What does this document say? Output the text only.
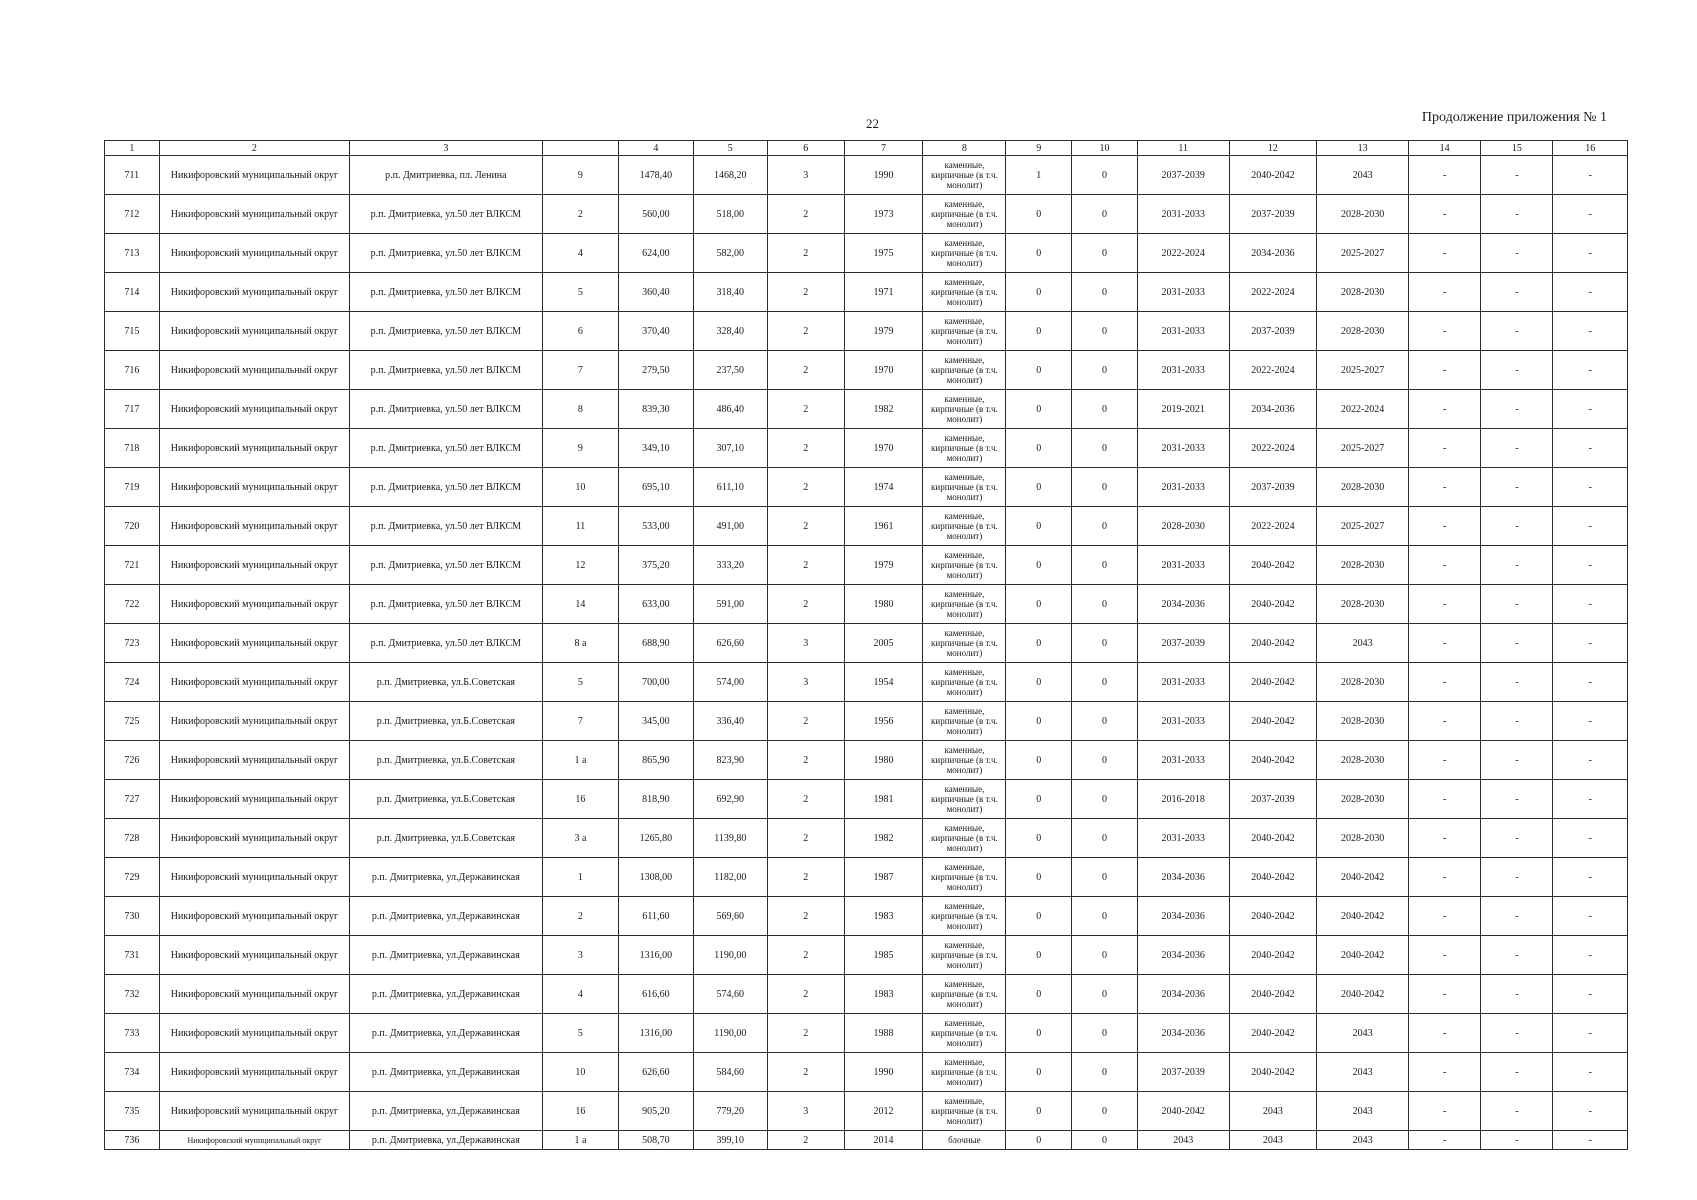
22	Продолжение приложения № 1
1	2	3		4	5	6	7	8	9	10	11	12	13	14	15	16
711	Никифоровский муниципальный округ	р.п. Дмитриевка, пл. Ленина	9	1478,40	1468,20	3	1990	каменные, кирпичные (в т.ч. монолит)	1	0	2037-2039	2040-2042	2043	-	-	-
712	Никифоровский муниципальный округ	р.п. Дмитриевка, ул.50 лет ВЛКСМ	2	560,00	518,00	2	1973	каменные, кирпичные (в т.ч. монолит)	0	0	2031-2033	2037-2039	2028-2030	-	-	-
713	Никифоровский муниципальный округ	р.п. Дмитриевка, ул.50 лет ВЛКСМ	4	624,00	582,00	2	1975	каменные, кирпичные (в т.ч. монолит)	0	0	2022-2024	2034-2036	2025-2027	-	-	-
714	Никифоровский муниципальный округ	р.п. Дмитриевка, ул.50 лет ВЛКСМ	5	360,40	318,40	2	1971	каменные, кирпичные (в т.ч. монолит)	0	0	2031-2033	2022-2024	2028-2030	-	-	-
715	Никифоровский муниципальный округ	р.п. Дмитриевка, ул.50 лет ВЛКСМ	6	370,40	328,40	2	1979	каменные, кирпичные (в т.ч. монолит)	0	0	2031-2033	2037-2039	2028-2030	-	-	-
716	Никифоровский муниципальный округ	р.п. Дмитриевка, ул.50 лет ВЛКСМ	7	279,50	237,50	2	1970	каменные, кирпичные (в т.ч. монолит)	0	0	2031-2033	2022-2024	2025-2027	-	-	-
717	Никифоровский муниципальный округ	р.п. Дмитриевка, ул.50 лет ВЛКСМ	8	839,30	486,40	2	1982	каменные, кирпичные (в т.ч. монолит)	0	0	2019-2021	2034-2036	2022-2024	-	-	-
718	Никифоровский муниципальный округ	р.п. Дмитриевка, ул.50 лет ВЛКСМ	9	349,10	307,10	2	1970	каменные, кирпичные (в т.ч. монолит)	0	0	2031-2033	2022-2024	2025-2027	-	-	-
719	Никифоровский муниципальный округ	р.п. Дмитриевка, ул.50 лет ВЛКСМ	10	695,10	611,10	2	1974	каменные, кирпичные (в т.ч. монолит)	0	0	2031-2033	2037-2039	2028-2030	-	-	-
720	Никифоровский муниципальный округ	р.п. Дмитриевка, ул.50 лет ВЛКСМ	11	533,00	491,00	2	1961	каменные, кирпичные (в т.ч. монолит)	0	0	2028-2030	2022-2024	2025-2027	-	-	-
721	Никифоровский муниципальный округ	р.п. Дмитриевка, ул.50 лет ВЛКСМ	12	375,20	333,20	2	1979	каменные, кирпичные (в т.ч. монолит)	0	0	2031-2033	2040-2042	2028-2030	-	-	-
722	Никифоровский муниципальный округ	р.п. Дмитриевка, ул.50 лет ВЛКСМ	14	633,00	591,00	2	1980	каменные, кирпичные (в т.ч. монолит)	0	0	2034-2036	2040-2042	2028-2030	-	-	-
723	Никифоровский муниципальный округ	р.п. Дмитриевка, ул.50 лет ВЛКСМ	8 а	688,90	626,60	3	2005	каменные, кирпичные (в т.ч. монолит)	0	0	2037-2039	2040-2042	2043	-	-	-
724	Никифоровский муниципальный округ	р.п. Дмитриевка, ул.Б.Советская	5	700,00	574,00	3	1954	каменные, кирпичные (в т.ч. монолит)	0	0	2031-2033	2040-2042	2028-2030	-	-	-
725	Никифоровский муниципальный округ	р.п. Дмитриевка, ул.Б.Советская	7	345,00	336,40	2	1956	каменные, кирпичные (в т.ч. монолит)	0	0	2031-2033	2040-2042	2028-2030	-	-	-
726	Никифоровский муниципальный округ	р.п. Дмитриевка, ул.Б.Советская	1 а	865,90	823,90	2	1980	каменные, кирпичные (в т.ч. монолит)	0	0	2031-2033	2040-2042	2028-2030	-	-	-
727	Никифоровский муниципальный округ	р.п. Дмитриевка, ул.Б.Советская	16	818,90	692,90	2	1981	каменные, кирпичные (в т.ч. монолит)	0	0	2016-2018	2037-2039	2028-2030	-	-	-
728	Никифоровский муниципальный округ	р.п. Дмитриевка, ул.Б.Советская	3 а	1265,80	1139,80	2	1982	каменные, кирпичные (в т.ч. монолит)	0	0	2031-2033	2040-2042	2028-2030	-	-	-
729	Никифоровский муниципальный округ	р.п. Дмитриевка, ул.Державинская	1	1308,00	1182,00	2	1987	каменные, кирпичные (в т.ч. монолит)	0	0	2034-2036	2040-2042	2040-2042	-	-	-
730	Никифоровский муниципальный округ	р.п. Дмитриевка, ул.Державинская	2	611,60	569,60	2	1983	каменные, кирпичные (в т.ч. монолит)	0	0	2034-2036	2040-2042	2040-2042	-	-	-
731	Никифоровский муниципальный округ	р.п. Дмитриевка, ул.Державинская	3	1316,00	1190,00	2	1985	каменные, кирпичные (в т.ч. монолит)	0	0	2034-2036	2040-2042	2040-2042	-	-	-
732	Никифоровский муниципальный округ	р.п. Дмитриевка, ул.Державинская	4	616,60	574,60	2	1983	каменные, кирпичные (в т.ч. монолит)	0	0	2034-2036	2040-2042	2040-2042	-	-	-
733	Никифоровский муниципальный округ	р.п. Дмитриевка, ул.Державинская	5	1316,00	1190,00	2	1988	каменные, кирпичные (в т.ч. монолит)	0	0	2034-2036	2040-2042	2043	-	-	-
734	Никифоровский муниципальный округ	р.п. Дмитриевка, ул.Державинская	10	626,60	584,60	2	1990	каменные, кирпичные (в т.ч. монолит)	0	0	2037-2039	2040-2042	2043	-	-	-
735	Никифоровский муниципальный округ	р.п. Дмитриевка, ул.Державинская	16	905,20	779,20	3	2012	каменные, кирпичные (в т.ч. монолит)	0	0	2040-2042	2043	2043	-	-	-
736	Никифоровский муниципальный округ	р.п. Дмитриевка, ул.Державинская	1 а	508,70	399,10	2	2014	блочные	0	0	2043	2043	2043	-	-	-
